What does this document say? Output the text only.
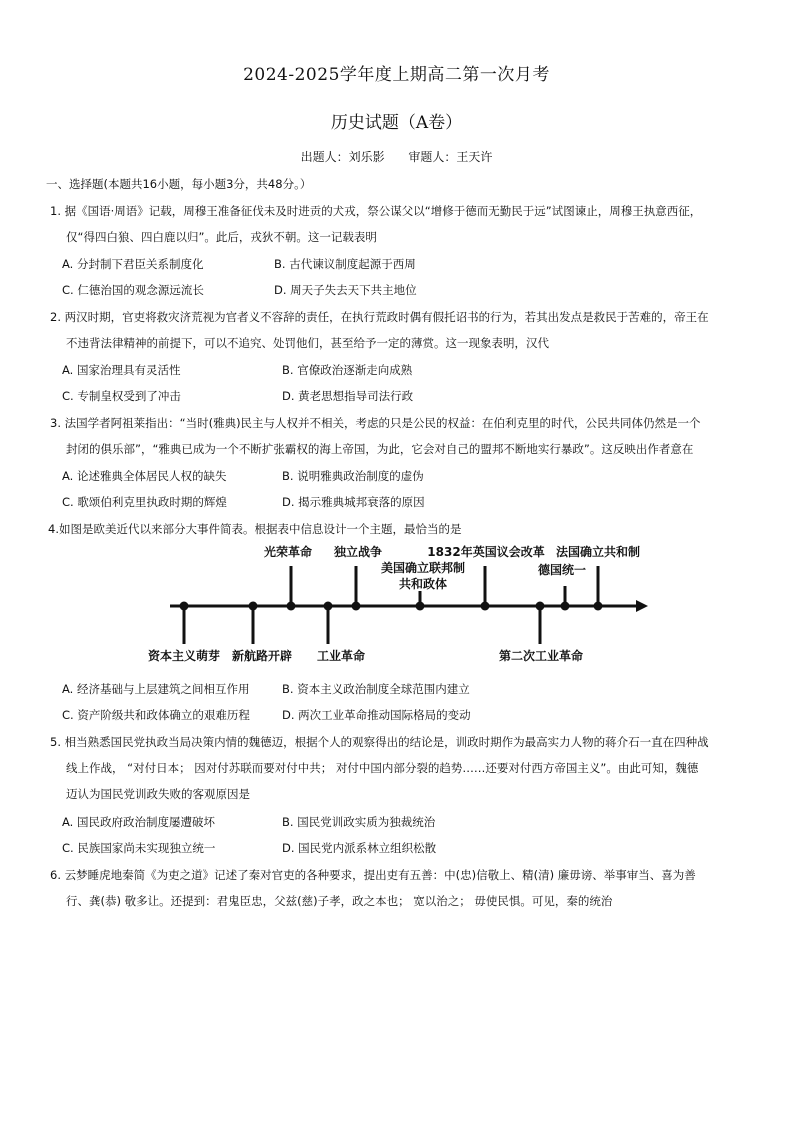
2024-2025学年度上期高二第一次月考
历史试题（A卷）
出题人：刘乐影 审题人：王天许
一、选择题(本题共16小题，每小题3分，共48分。）
1. 据《国语·周语》记载，周穆王准备征伐未及时进贡的犬戎，祭公谋父以“增修于德而无勤民于远”试图谏止，周穆王执意西征，
仅“得四白狼、四白鹿以归”。此后，戎狄不朝。这一记载表明
A. 分封制下君臣关系制度化	B. 古代谏议制度起源于西周
C. 仁德治国的观念源远流长	D. 周天子失去天下共主地位
2. 两汉时期，官吏将救灾济荒视为官者义不容辞的责任，在执行荒政时偶有假托诏书的行为，若其出发点是救民于苦难的，帝王在
不违背法律精神的前提下，可以不追究、处罚他们，甚至给予一定的薄赏。这一现象表明，汉代
A. 国家治理具有灵活性	B. 官僚政治逐渐走向成熟
C. 专制皇权受到了冲击	D. 黄老思想指导司法行政
3. 法国学者阿祖莱指出：“当时(雅典)民主与人权并不相关，考虑的只是公民的权益：在伯利克里的时代，公民共同体仍然是一个
封闭的俱乐部”，“雅典已成为一个不断扩张霸权的海上帝国，为此，它会对自己的盟邦不断地实行暴政”。这反映出作者意在
A. 论述雅典全体居民人权的缺失	B. 说明雅典政治制度的虚伪
C. 歌颂伯利克里执政时期的辉煌	D. 揭示雅典城邦衰落的原因
4.如图是欧美近代以来部分大事件简表。根据表中信息设计一个主题，最恰当的是
光荣革命 独立战争	1832年英国议会改革 法国确立共和制
美国确立联邦制
共和政体
德国统一
资本主义萌芽 新航路开辟 工业革命	第二次工业革命
A. 经济基础与上层建筑之间相互作用	B. 资本主义政治制度全球范围内建立
C. 资产阶级共和政体确立的艰难历程	D. 两次工业革命推动国际格局的变动
5. 相当熟悉国民党执政当局决策内情的魏德迈，根据个人的观察得出的结论是，训政时期作为最高实力人物的蒋介石一直在四种战
线上作战， “对付日本； 因对付苏联而要对付中共； 对付中国内部分裂的趋势……还要对付西方帝国主义”。由此可知，魏德
迈认为国民党训政失败的客观原因是
A. 国民政府政治制度屡遭破坏	B. 国民党训政实质为独裁统治
C. 民族国家尚未实现独立统一	D. 国民党内派系林立组织松散
6. 云梦睡虎地秦简《为吏之道》记述了秦对官吏的各种要求，提出吏有五善：中(忠)信敬上、精(清) 廉毋谤、举事审当、喜为善
行、龚(恭) 敬多让。还提到：君鬼臣忠，父兹(慈)子孝，政之本也； 宽以治之； 毋使民惧。可见，秦的统治
